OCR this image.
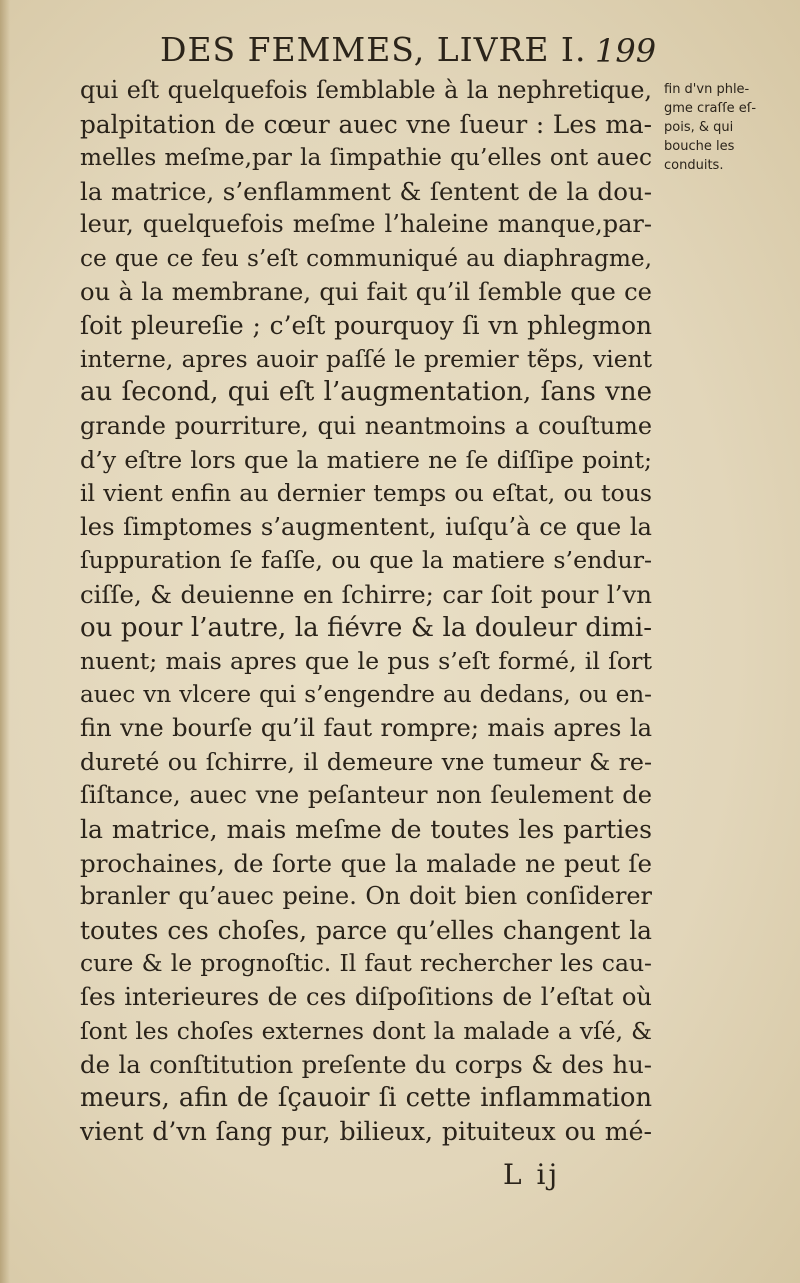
DES FEMMES, LIVRE I. 199
qui eſt quelquefois ſemblable à la nephretique,
palpitation de cœur auec vne ſueur : Les ma-
melles meſme,par la ſimpathie qu’elles ont auec
la matrice, s’enflamment & ſentent de la dou-
leur, quelquefois meſme l’haleine manque,par-
ce que ce feu s’eſt communiqué au diaphragme,
ou à la membrane, qui fait qu’il ſemble que ce
ſoit pleureſie ; c’eſt pourquoy ſi vn phlegmon
interne, apres auoir paſſé le premier tẽps, vient
au ſecond, qui eſt l’augmentation, ſans vne
grande pourriture, qui neantmoins a couſtume
d’y eſtre lors que la matiere ne ſe diſſipe point;
il vient enfin au dernier temps ou eſtat, ou tous
les ſimptomes s’augmentent, iuſqu’à ce que la
ſuppuration ſe faſſe, ou que la matiere s’endur-
ciſſe, & deuienne en ſchirre; car ſoit pour l’vn
ou pour l’autre, la fiévre & la douleur dimi-
nuent; mais apres que le pus s’eſt formé, il ſort
auec vn vlcere qui s’engendre au dedans, ou en-
fin vne bourſe qu’il faut rompre; mais apres la
dureté ou ſchirre, il demeure vne tumeur & re-
ſiſtance, auec vne peſanteur non ſeulement de
la matrice, mais meſme de toutes les parties
prochaines, de ſorte que la malade ne peut ſe
branler qu’auec peine. On doit bien conſiderer
toutes ces choſes, parce qu’elles changent la
cure & le prognoſtic. Il faut rechercher les cau-
ſes interieures de ces diſpoſitions de l’eſtat où
ſont les choſes externes dont la malade a vſé, &
de la conſtitution preſente du corps & des hu-
meurs, afin de ſçauoir ſi cette inflammation
vient d’vn ſang pur, bilieux, pituiteux ou mé-
fin d'vn phle-
gme craſſe eſ-
pois, & qui
bouche les
conduits.
L ij
